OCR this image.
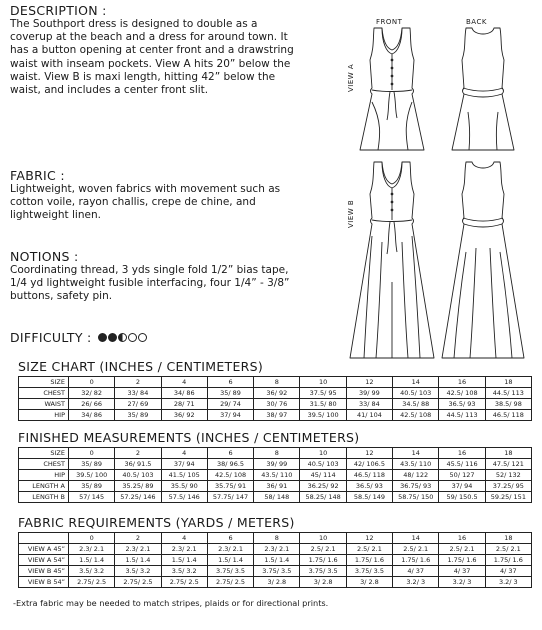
DESCRIPTION :
The Southport dress is designed to double as a coverup at the beach and a dress for around town. It has a button opening at center front and a drawstring waist with inseam pockets. View A hits 20” below the waist. View B is maxi length, hitting 42” below the waist, and includes a center front slit.
FABRIC :
Lightweight, woven fabrics with movement such as cotton voile, rayon challis, crepe de chine, and lightweight linen.
NOTIONS :
Coordinating thread, 3 yds single fold 1/2” bias tape, 1/4 yd lightweight fusible interfacing, four 1/4” - 3/8” buttons, safety pin.
DIFFICULTY :
FRONT	BACK
VIEW A
VIEW B
SIZE CHART (INCHES / CENTIMETERS)
SIZE	0	2	4	6	8	10	12	14	16	18
CHEST	32/ 82	33/ 84	34/ 86	35/ 89	36/ 92	37.5/ 95	39/ 99	40.5/ 103	42.5/ 108	44.5/ 113
WAIST	26/ 66	27/ 69	28/ 71	29/ 74	30/ 76	31.5/ 80	33/ 84	34.5/ 88	36.5/ 93	38.5/ 98
HIP	34/ 86	35/ 89	36/ 92	37/ 94	38/ 97	39.5/ 100	41/ 104	42.5/ 108	44.5/ 113	46.5/ 118
FINISHED MEASUREMENTS (INCHES / CENTIMETERS)
SIZE	0	2	4	6	8	10	12	14	16	18
CHEST	35/ 89	36/ 91.5	37/ 94	38/ 96.5	39/ 99	40.5/ 103	42/ 106.5	43.5/ 110	45.5/ 116	47.5/ 121
HIP	39.5/ 100	40.5/ 103	41.5/ 105	42.5/ 108	43.5/ 110	45/ 114	46.5/ 118	48/ 122	50/ 127	52/ 132
LENGTH A	35/ 89	35.25/ 89	35.5/ 90	35.75/ 91	36/ 91	36.25/ 92	36.5/ 93	36.75/ 93	37/ 94	37.25/ 95
LENGTH B	57/ 145	57.25/ 146	57.5/ 146	57.75/ 147	58/ 148	58.25/ 148	58.5/ 149	58.75/ 150	59/ 150.5	59.25/ 151
FABRIC REQUIREMENTS (YARDS / METERS)
	0	2	4	6	8	10	12	14	16	18
VIEW A 45”	2.3/ 2.1	2.3/ 2.1	2.3/ 2.1	2.3/ 2.1	2.3/ 2.1	2.5/ 2.1	2.5/ 2.1	2.5/ 2.1	2.5/ 2.1	2.5/ 2.1
VIEW A 54”	1.5/ 1.4	1.5/ 1.4	1.5/ 1.4	1.5/ 1.4	1.5/ 1.4	1.75/ 1.6	1.75/ 1.6	1.75/ 1.6	1.75/ 1.6	1.75/ 1.6
VIEW B 45”	3.5/ 3.2	3.5/ 3.2	3.5/ 3.2	3.75/ 3.5	3.75/ 3.5	3.75/ 3.5	3.75/ 3.5	4/ 37	4/ 37	4/ 37
VIEW B 54”	2.75/ 2.5	2.75/ 2.5	2.75/ 2.5	2.75/ 2.5	3/ 2.8	3/ 2.8	3/ 2.8	3.2/ 3	3.2/ 3	3.2/ 3
-Extra fabric may be needed to match stripes, plaids or for directional prints.
